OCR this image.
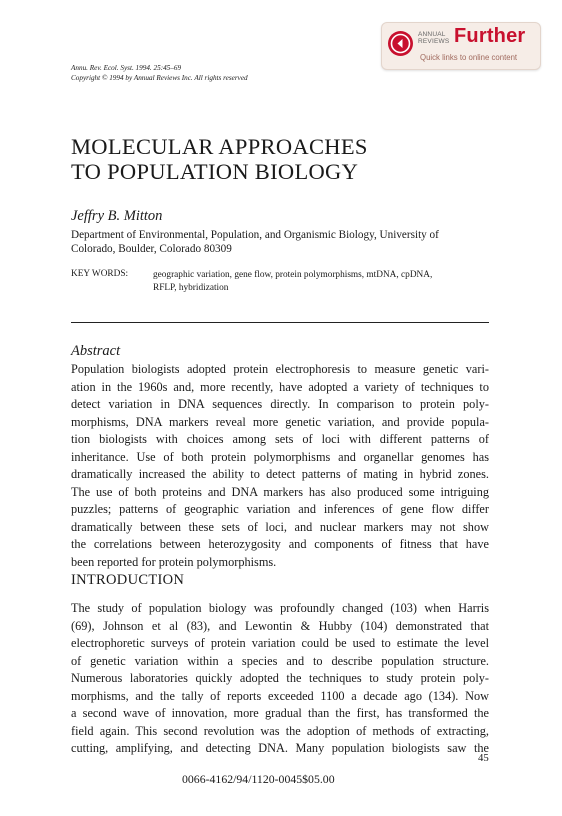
Annu. Rev. Ecol. Syst. 1994. 25:45–69
Copyright © 1994 by Annual Reviews Inc. All rights reserved
ANNUAL
REVIEWS Further
Quick links to online content
MOLECULAR APPROACHES
TO POPULATION BIOLOGY
Jeffry B. Mitton
Department of Environmental, Population, and Organismic Biology, University of
Colorado, Boulder, Colorado 80309
KEY WORDS:	geographic variation, gene flow, protein polymorphisms, mtDNA, cpDNA,
RFLP, hybridization
Abstract
Population biologists adopted protein electrophoresis to measure genetic vari-
ation in the 1960s and, more recently, have adopted a variety of techniques to
detect variation in DNA sequences directly. In comparison to protein poly-
morphisms, DNA markers reveal more genetic variation, and provide popula-
tion biologists with choices among sets of loci with different patterns of
inheritance. Use of both protein polymorphisms and organellar genomes has
dramatically increased the ability to detect patterns of mating in hybrid zones.
The use of both proteins and DNA markers has also produced some intriguing
puzzles; patterns of geographic variation and inferences of gene flow differ
dramatically between these sets of loci, and nuclear markers may not show
the correlations between heterozygosity and components of fitness that have
been reported for protein polymorphisms.
INTRODUCTION
The study of population biology was profoundly changed (103) when Harris
(69), Johnson et al (83), and Lewontin & Hubby (104) demonstrated that
electrophoretic surveys of protein variation could be used to estimate the level
of genetic variation within a species and to describe population structure.
Numerous laboratories quickly adopted the techniques to study protein poly-
morphisms, and the tally of reports exceeded 1100 a decade ago (134). Now
a second wave of innovation, more gradual than the first, has transformed the
field again. This second revolution was the adoption of methods of extracting,
cutting, amplifying, and detecting DNA. Many population biologists saw the
45
0066-4162/94/1120-0045$05.00
